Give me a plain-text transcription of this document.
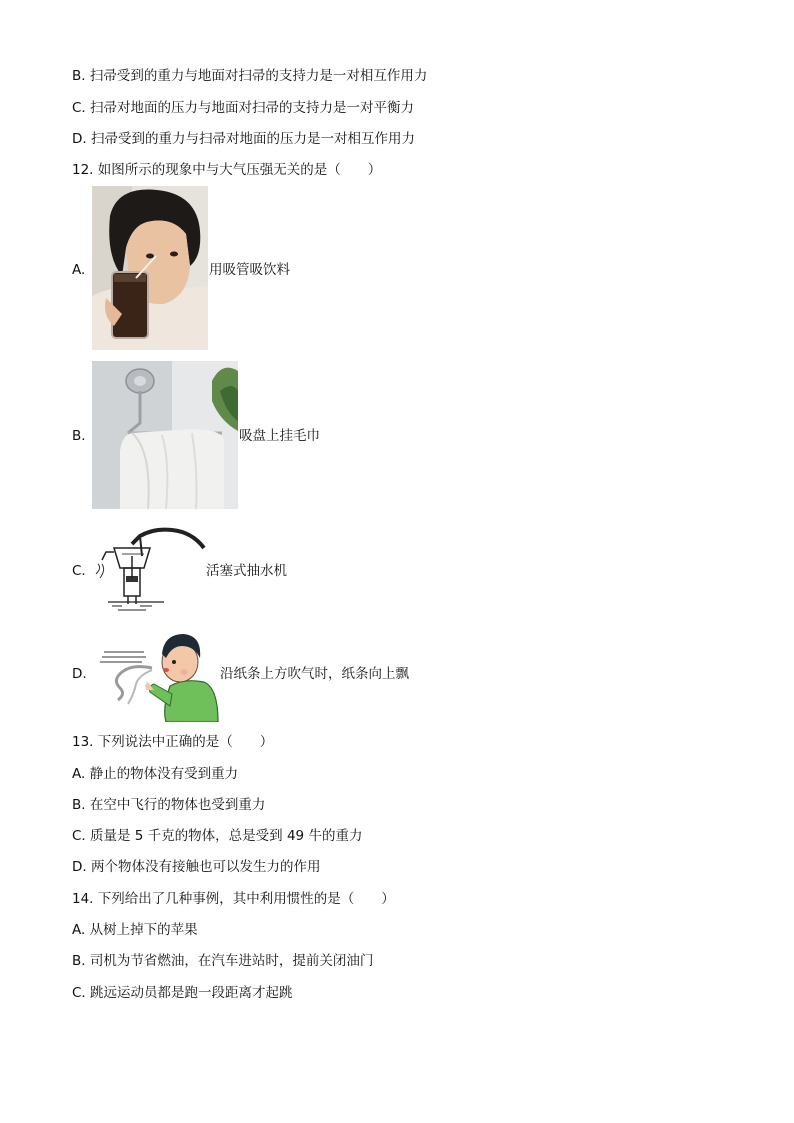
B. 扫帚受到的重力与地面对扫帚的支持力是一对相互作用力
C. 扫帚对地面的压力与地面对扫帚的支持力是一对平衡力
D. 扫帚受到的重力与扫帚对地面的压力是一对相互作用力
12. 如图所示的现象中与大气压强无关的是（　　）
A.	用吸管吸饮料
B.	吸盘上挂毛巾
C.	活塞式抽水机
D.	沿纸条上方吹气时，纸条向上飘
13. 下列说法中正确的是（　　）
A. 静止的物体没有受到重力
B. 在空中飞行的物体也受到重力
C. 质量是 5 千克的物体，总是受到 49 牛的重力
D. 两个物体没有接触也可以发生力的作用
14. 下列给出了几种事例，其中利用惯性的是（　　）
A. 从树上掉下的苹果
B. 司机为节省燃油，在汽车进站时，提前关闭油门
C. 跳远运动员都是跑一段距离才起跳
